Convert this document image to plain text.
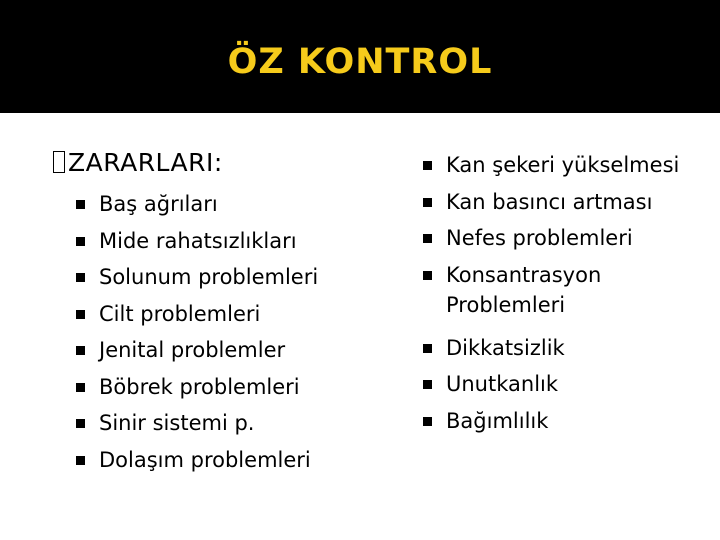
ÖZ KONTROL
ZARARLARI:
Baş ağrıları
Mide rahatsızlıkları
Solunum problemleri
Cilt problemleri
Jenital problemler
Böbrek problemleri
Sinir sistemi p.
Dolaşım problemleri
Kan şekeri yükselmesi
Kan basıncı artması
Nefes problemleri
Konsantrasyon
Problemleri
Dikkatsizlik
Unutkanlık
Bağımlılık
